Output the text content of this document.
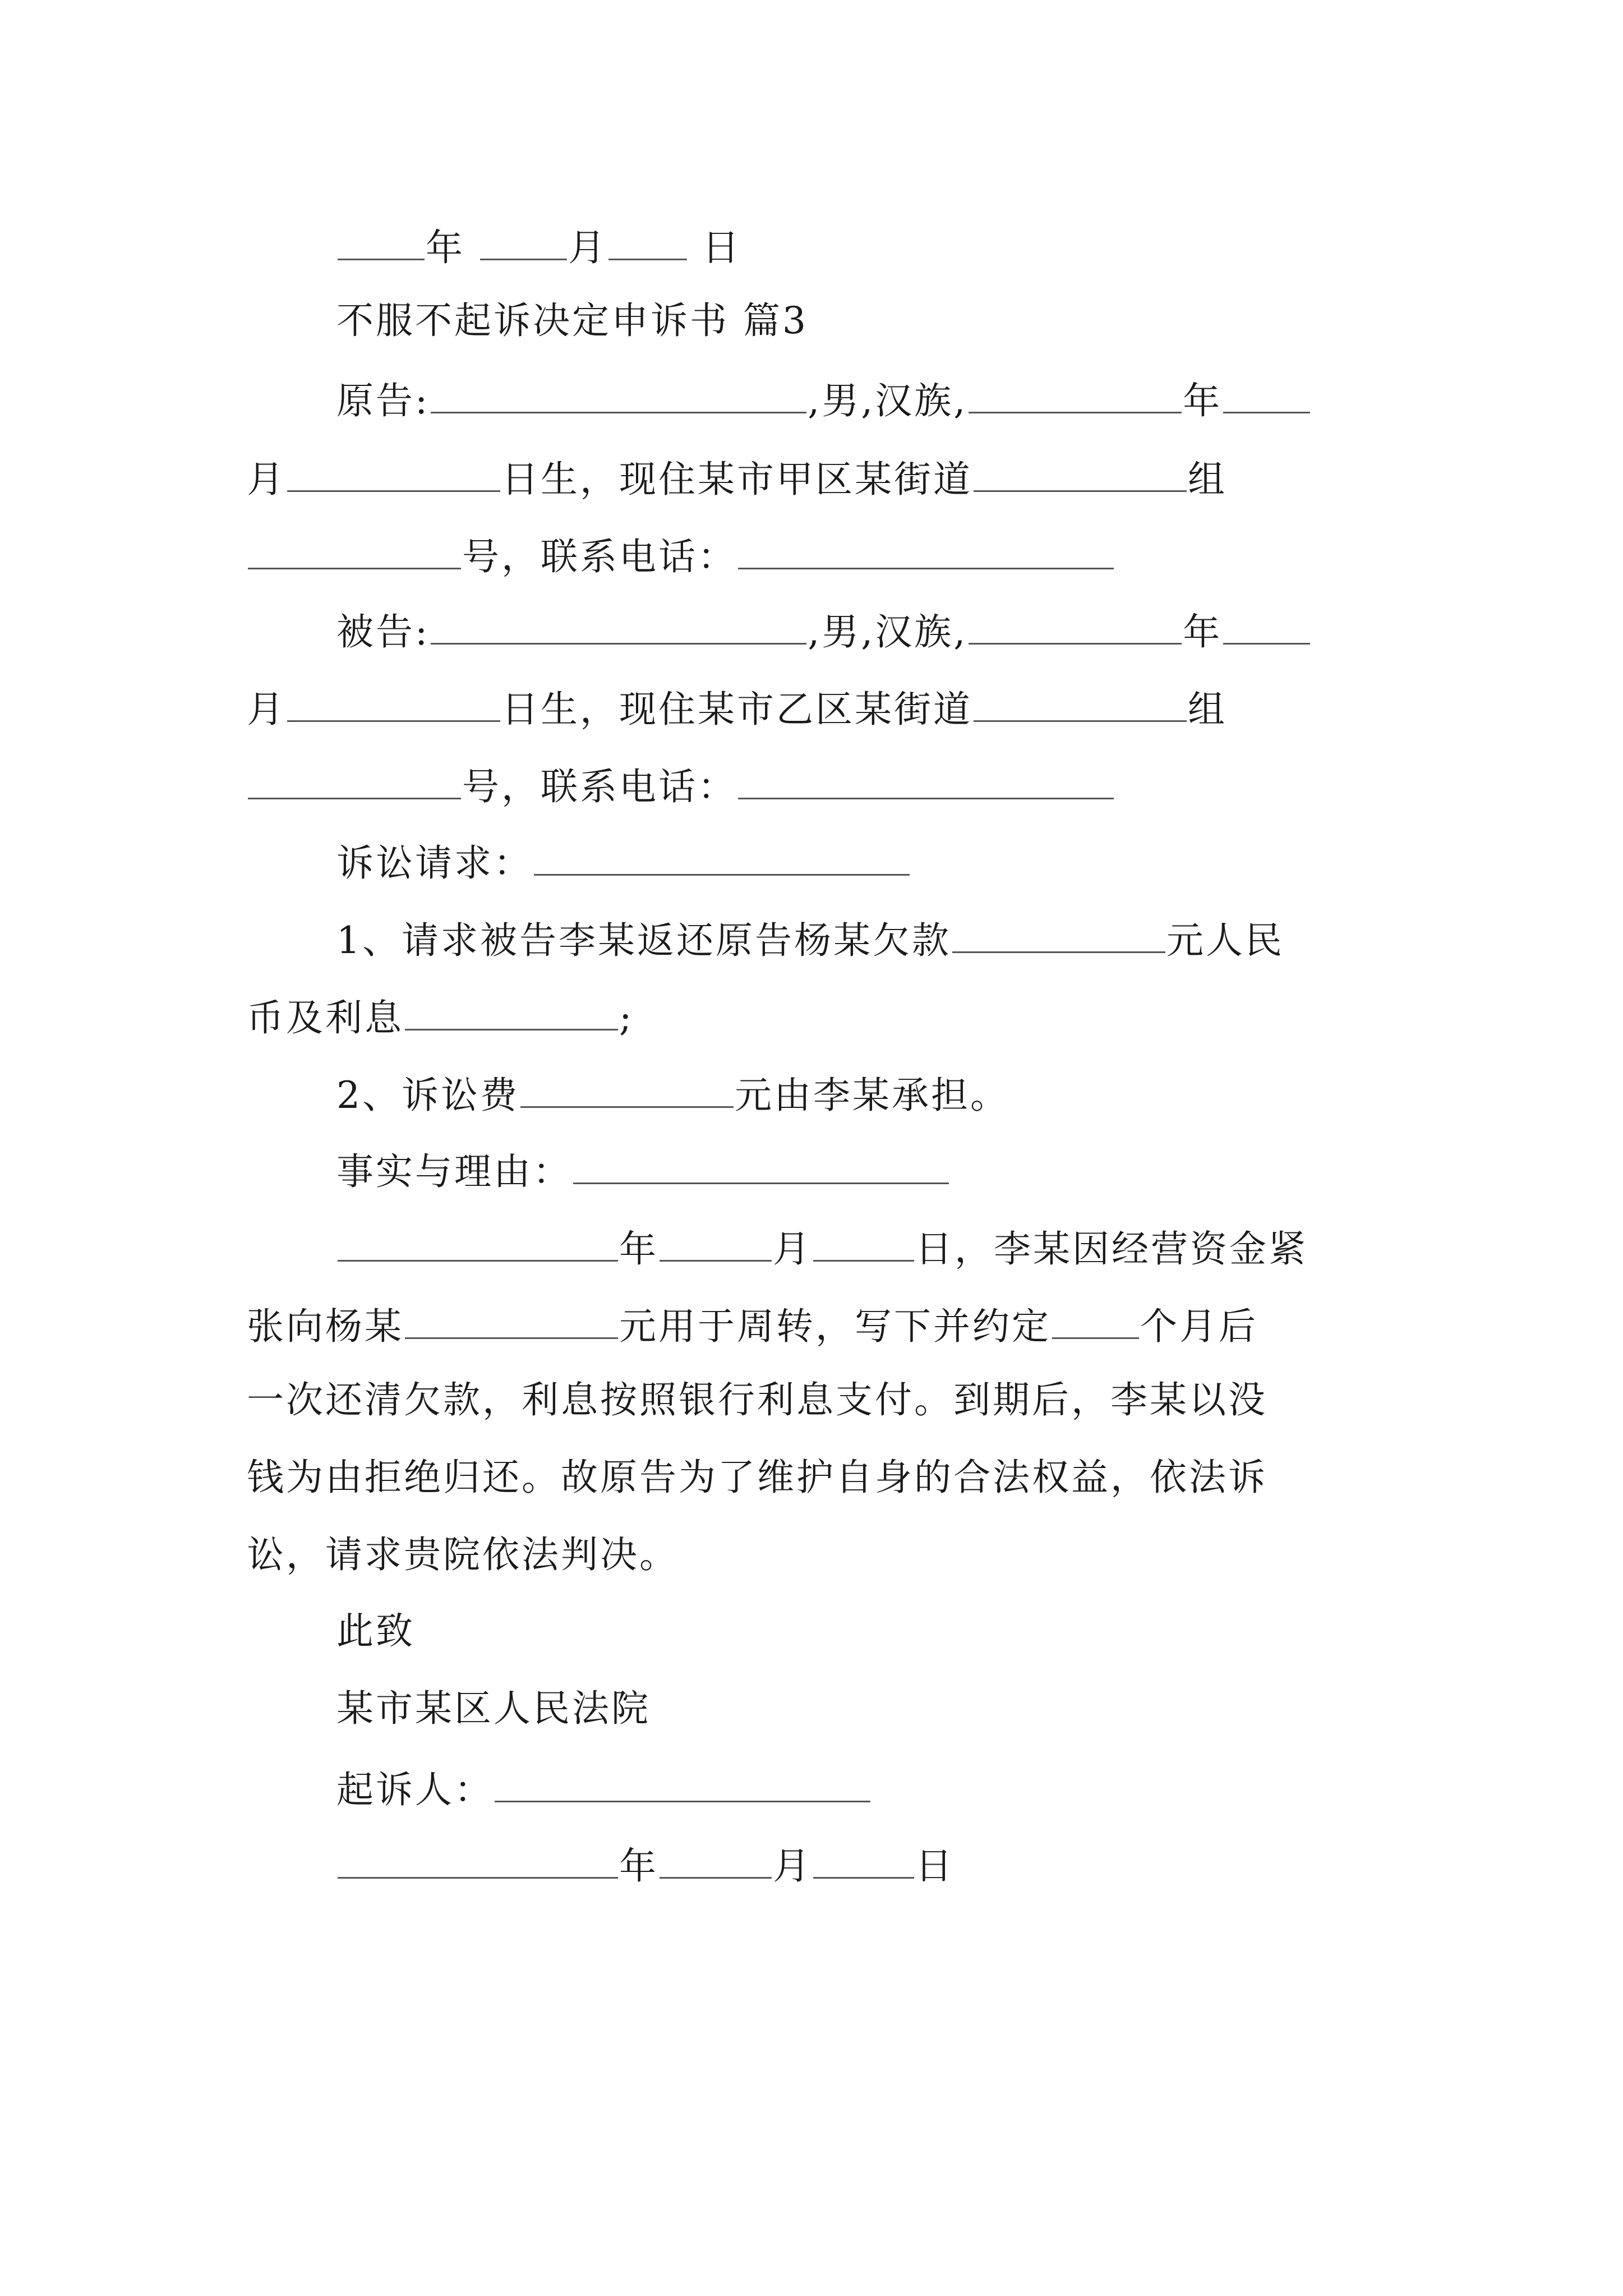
年	月	日
不服不起诉决定申诉书 篇3
原告:	,男,汉族,	年
月	日生，现住某市甲区某街道	组
号，联系电话：
被告:	,男,汉族,	年
月	日生，现住某市乙区某街道	组
号，联系电话：
诉讼请求：
1、请求被告李某返还原告杨某欠款	元人民
币及利息	;
2、诉讼费	元由李某承担。
事实与理由：
年	月	日，李某因经营资金紧
张向杨某	元用于周转，写下并约定 个月后
一次还清欠款，利息按照银行利息支付。到期后，李某以没
钱为由拒绝归还。故原告为了维护自身的合法权益，依法诉
讼，请求贵院依法判决。
此致
某市某区人民法院
起诉人：
年	月	日
